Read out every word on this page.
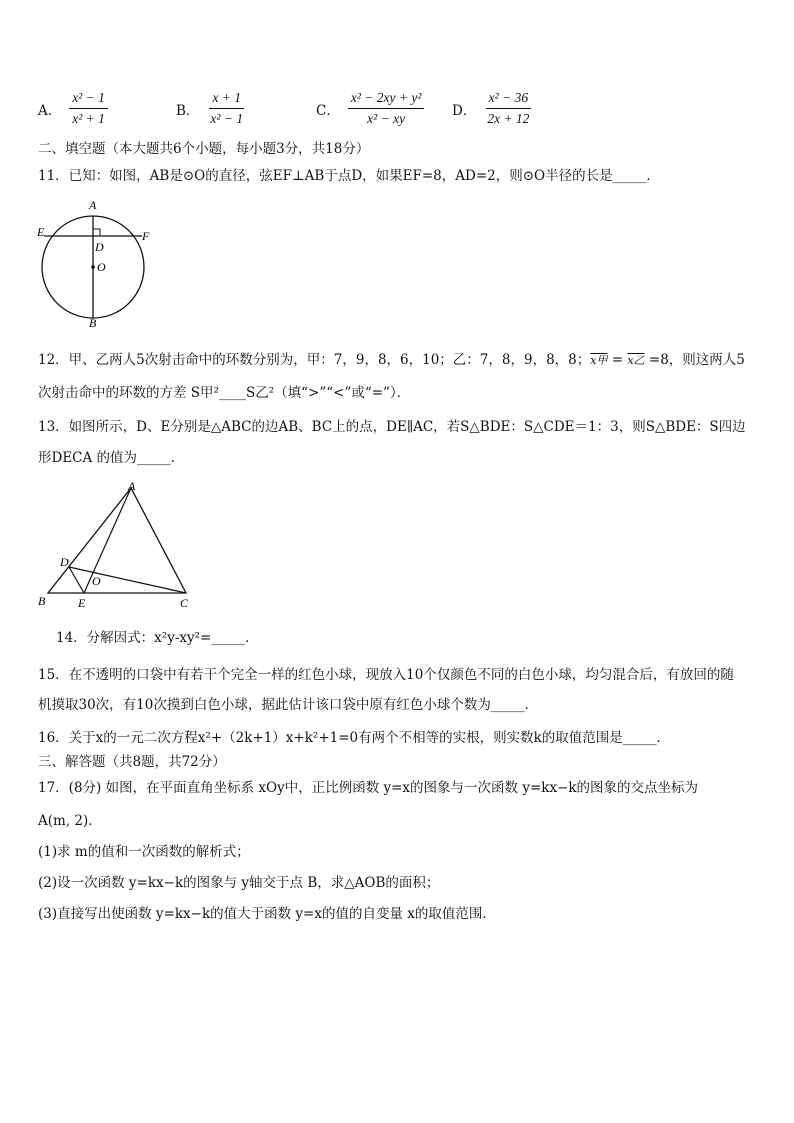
A． $\frac{\text{x² − 1}}{\text{x² + 1}}$	B． $\frac{x + 1}{\text{x² − 1}}$	C． $\frac{\text{x² − 2xy + y²}}{\text{x² − xy}}$ D． $\frac{\text{x² − 36}}{2x + 12}$
二、填空题（本大题共6个小题，每小题3分，共18分）
11．已知：如图，AB是⊙O的直径，弦EF⊥AB于点D，如果EF=8，AD=2，则⊙O半径的长是_____．
A
B
E	F
D
O
12．甲、乙两人5次射击命中的环数分别为，甲：7，9，8，6，10；乙：7，8，9，8，8；x甲 = x乙 =8，则这两人5
次射击命中的环数的方差 S甲²____S乙²（填“>”“<”或“=”）．
13．如图所示，D、E分别是△ABC的边AB、BC上的点，DE∥AC，若S△BDE：S△CDE＝1：3，则S△BDE：S四边
形DECA 的值为_____．
A
B	C
D
E
O
14．分解因式：x²y-xy²=_____．
15．在不透明的口袋中有若干个完全一样的红色小球，现放入10个仅颜色不同的白色小球，均匀混合后，有放回的随
机摸取30次，有10次摸到白色小球，据此估计该口袋中原有红色小球个数为_____．
16．关于x的一元二次方程x²+（2k+1）x+k²+1=0有两个不相等的实根，则实数k的取值范围是_____．
三、解答题（共8题，共72分）
17．(8分) 如图，在平面直角坐标系 xOy中，正比例函数 y=x的图象与一次函数 y=kx−k的图象的交点坐标为
A(m, 2)．
(1)求 m的值和一次函数的解析式；
(2)设一次函数 y=kx−k的图象与 y轴交于点 B，求△AOB的面积；
(3)直接写出使函数 y=kx−k的值大于函数 y=x的值的自变量 x的取值范围．
